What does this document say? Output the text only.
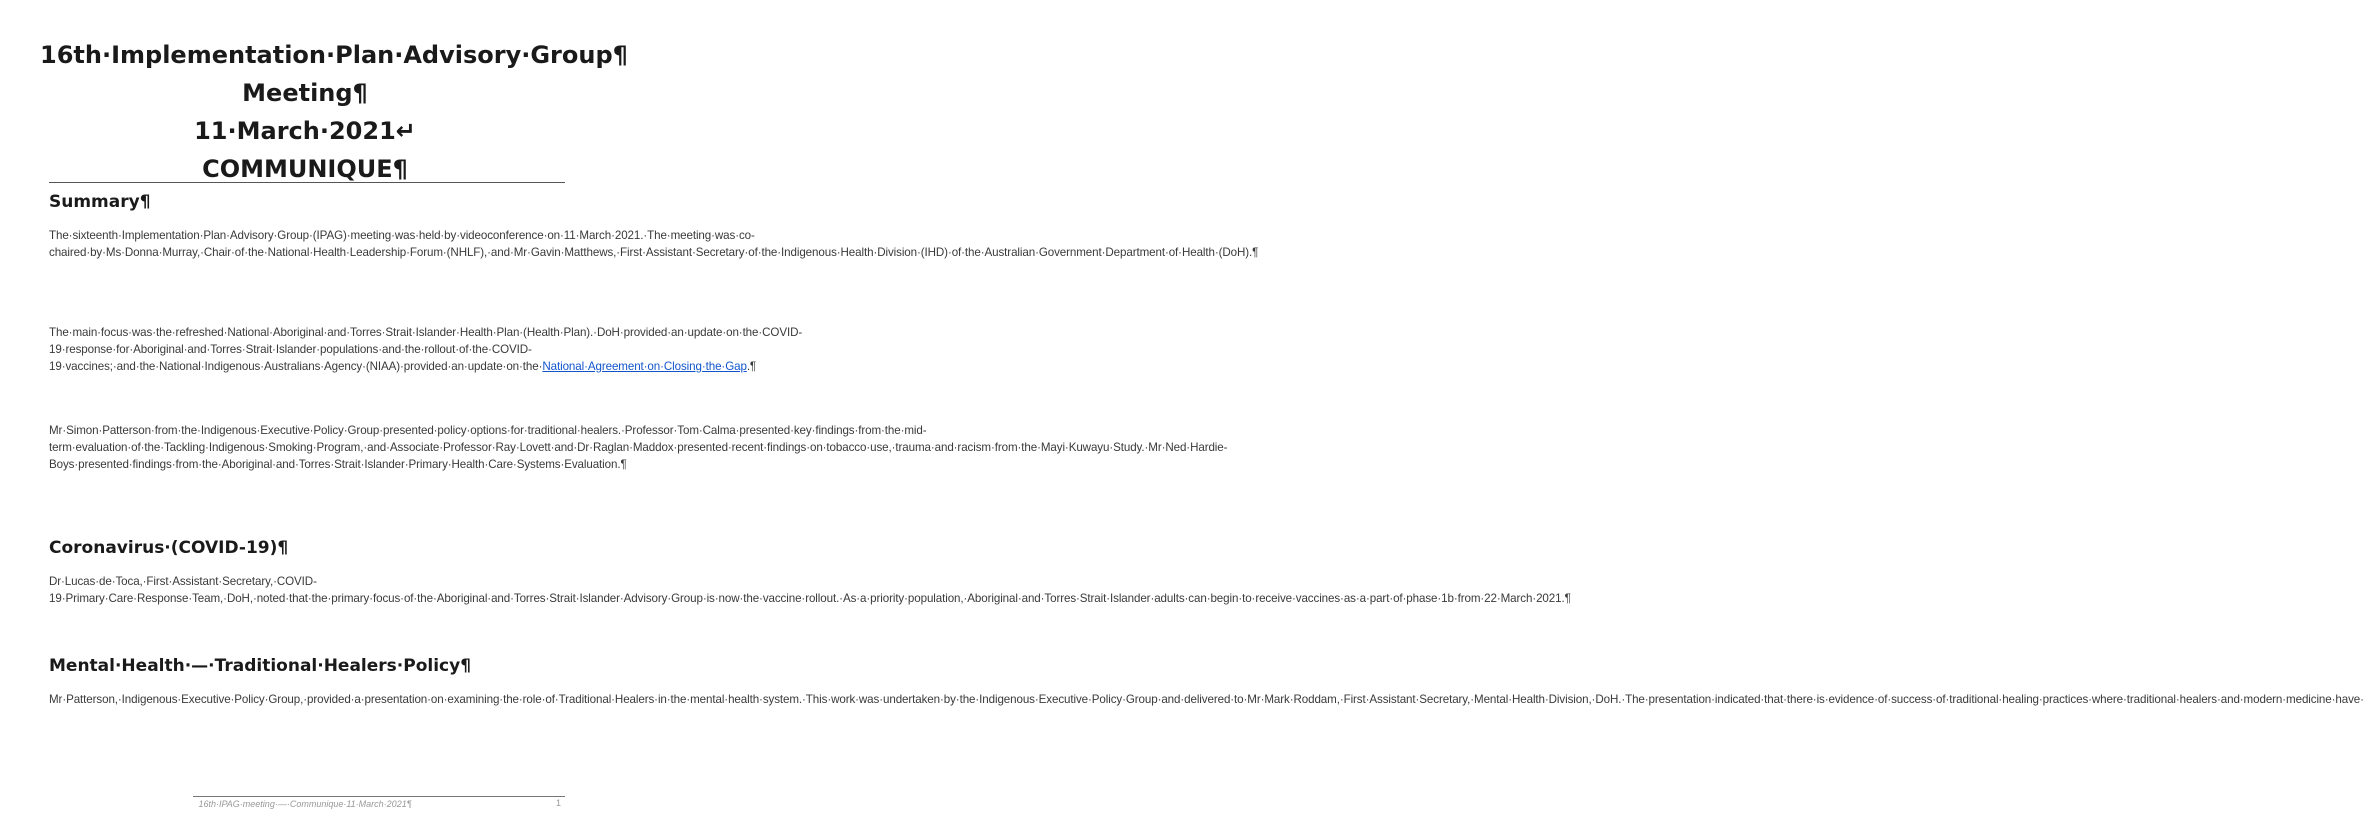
16th·Implementation·Plan·Advisory·Group¶

Meeting¶

11·March·2021↵

COMMUNIQUE¶

Summary¶

The·sixteenth·Implementation·Plan·Advisory·Group·(IPAG)·meeting·was·held·by·videoconference·on·11·March·2021.·The·meeting·was·co-chaired·by·Ms·Donna·Murray,·Chair·of·the·National·Health·Leadership·Forum·(NHLF),·and·Mr·Gavin·Matthews,·First·Assistant·Secretary·of·the·Indigenous·Health·Division·(IHD)·of·the·Australian·Government·Department·of·Health·(DoH).¶

The·main·focus·was·the·refreshed·National·Aboriginal·and·Torres·Strait·Islander·Health·Plan·(Health·Plan).·DoH·provided·an·update·on·the·COVID-19·response·for·Aboriginal·and·Torres·Strait·Islander·populations·and·the·rollout·of·the·COVID-19·vaccines;·and·the·National·Indigenous·Australians·Agency·(NIAA)·provided·an·update·on·the·National·Agreement·on·Closing·the·Gap.¶

Mr·Simon·Patterson·from·the·Indigenous·Executive·Policy·Group·presented·policy·options·for·traditional·healers.·Professor·Tom·Calma·presented·key·findings·from·the·mid-term·evaluation·of·the·Tackling·Indigenous·Smoking·Program,·and·Associate·Professor·Ray·Lovett·and·Dr·Raglan·Maddox·presented·recent·findings·on·tobacco·use,·trauma·and·racism·from·the·Mayi·Kuwayu·Study.·Mr·Ned·Hardie-Boys·presented·findings·from·the·Aboriginal·and·Torres·Strait·Islander·Primary·Health·Care·Systems·Evaluation.¶

Coronavirus·(COVID-19)¶

Dr·Lucas·de·Toca,·First·Assistant·Secretary,·COVID-19·Primary·Care·Response·Team,·DoH,·noted·that·the·primary·focus·of·the·Aboriginal·and·Torres·Strait·Islander·Advisory·Group·is·now·the·vaccine·rollout.·As·a·priority·population,·Aboriginal·and·Torres·Strait·Islander·adults·can·begin·to·receive·vaccines·as·a·part·of·phase·1b·from·22·March·2021.¶

Mental·Health·—·Traditional·Healers·Policy¶

Mr·Patterson,·Indigenous·Executive·Policy·Group,·provided·a·presentation·on·examining·the·role·of·Traditional·Healers·in·the·mental·health·system.·This·work·was·undertaken·by·the·Indigenous·Executive·Policy·Group·and·delivered·to·Mr·Mark·Roddam,·First·Assistant·Secretary,·Mental·Health·Division,·DoH.·The·presentation·indicated·that·there·is·evidence·of·success·of·traditional·healing·practices·where·traditional·healers·and·modern·medicine·have·

16th·IPAG·meeting·—·Communique·11·March·2021¶	1
